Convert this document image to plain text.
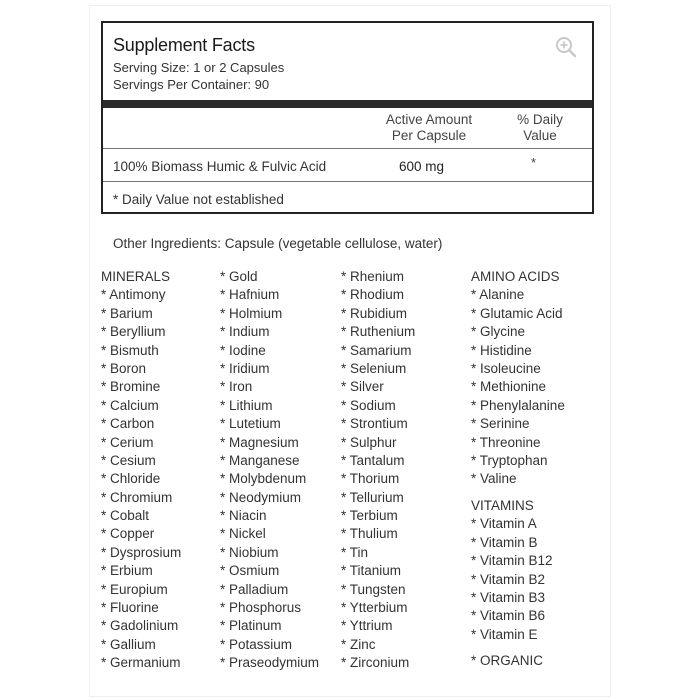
Supplement Facts
Serving Size: 1 or 2 Capsules
Servings Per Container: 90
Active Amount Per Capsule
% Daily Value
100% Biomass Humic & Fulvic Acid	600 mg	*
* Daily Value not established
Other Ingredients: Capsule (vegetable cellulose, water)
MINERALS
* Antimony
* Barium
* Beryllium
* Bismuth
* Boron
* Bromine
* Calcium
* Carbon
* Cerium
* Cesium
* Chloride
* Chromium
* Cobalt
* Copper
* Dysprosium
* Erbium
* Europium
* Fluorine
* Gadolinium
* Gallium
* Germanium
* Gold
* Hafnium
* Holmium
* Indium
* Iodine
* Iridium
* Iron
* Lithium
* Lutetium
* Magnesium
* Manganese
* Molybdenum
* Neodymium
* Niacin
* Nickel
* Niobium
* Osmium
* Palladium
* Phosphorus
* Platinum
* Potassium
* Praseodymium
* Rhenium
* Rhodium
* Rubidium
* Ruthenium
* Samarium
* Selenium
* Silver
* Sodium
* Strontium
* Sulphur
* Tantalum
* Thorium
* Tellurium
* Terbium
* Thulium
* Tin
* Titanium
* Tungsten
* Ytterbium
* Yttrium
* Zinc
* Zirconium
AMINO ACIDS
* Alanine
* Glutamic Acid
* Glycine
* Histidine
* Isoleucine
* Methionine
* Phenylalanine
* Serinine
* Threonine
* Tryptophan
* Valine
VITAMINS
* Vitamin A
* Vitamin B
* Vitamin B12
* Vitamin B2
* Vitamin B3
* Vitamin B6
* Vitamin E
* ORGANIC
